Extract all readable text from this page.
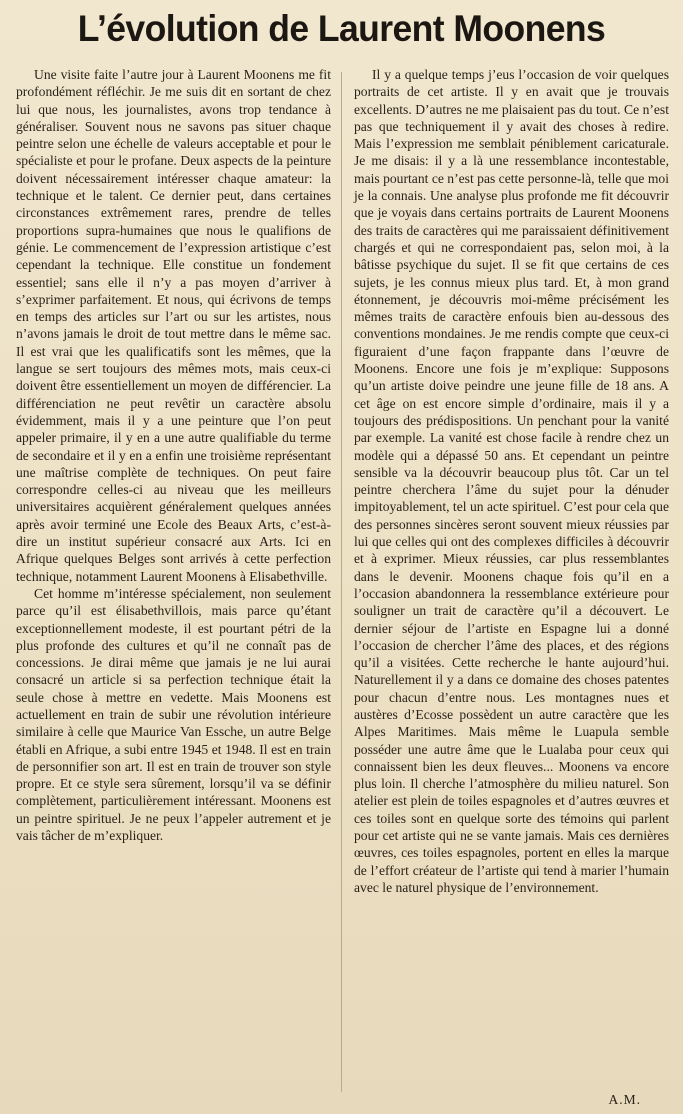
L’évolution de Laurent Moonens

Une visite faite l’autre jour à Laurent Moonens me fit profondément réfléchir. Je me suis dit en sortant de chez lui que nous, les journalistes, avons trop tendance à généraliser. Souvent nous ne savons pas situer chaque peintre selon une échelle de valeurs acceptable et pour le spécialiste et pour le profane. Deux aspects de la peinture doivent nécessairement intéresser chaque amateur: la technique et le talent. Ce dernier peut, dans certaines circonstances extrêmement rares, prendre de telles proportions supra-humaines que nous le qualifions de génie. Le commencement de l’expression artistique c’est cependant la technique. Elle constitue un fondement essentiel; sans elle il n’y a pas moyen d’arriver à s’exprimer parfaitement. Et nous, qui écrivons de temps en temps des articles sur l’art ou sur les artistes, nous n’avons jamais le droit de tout mettre dans le même sac. Il est vrai que les qualificatifs sont les mêmes, que la langue se sert toujours des mêmes mots, mais ceux-ci doivent être essentiellement un moyen de différencier. La différenciation ne peut revêtir un caractère absolu évidemment, mais il y a une peinture que l’on peut appeler primaire, il y en a une autre qualifiable du terme de secondaire et il y en a enfin une troisième représentant une maîtrise complète de techniques. On peut faire correspondre celles-ci au niveau que les meilleurs universitaires acquièrent généralement quelques années après avoir terminé une Ecole des Beaux Arts, c’est-à-dire un institut supérieur consacré aux Arts. Ici en Afrique quelques Belges sont arrivés à cette perfection technique, notamment Laurent Moonens à Elisabethville.

Cet homme m’intéresse spécialement, non seulement parce qu’il est élisabethvillois, mais parce qu’étant exceptionnellement modeste, il est pourtant pétri de la plus profonde des cultures et qu’il ne connaît pas de concessions. Je dirai même que jamais je ne lui aurai consacré un article si sa perfection technique était la seule chose à mettre en vedette. Mais Moonens est actuellement en train de subir une révolution intérieure similaire à celle que Maurice Van Essche, un autre Belge établi en Afrique, a subi entre 1945 et 1948. Il est en train de personnifier son art. Il est en train de trouver son style propre. Et ce style sera sûrement, lorsqu’il va se définir complètement, particulièrement intéressant. Moonens est un peintre spirituel. Je ne peux l’appeler autrement et je vais tâcher de m’expliquer.

Il y a quelque temps j’eus l’occasion de voir quelques portraits de cet artiste. Il y en avait que je trouvais excellents. D’autres ne me plaisaient pas du tout. Ce n’est pas que techniquement il y avait des choses à redire. Mais l’expression me semblait péniblement caricaturale. Je me disais: il y a là une ressemblance incontestable, mais pourtant ce n’est pas cette personne-là, telle que moi je la connais. Une analyse plus profonde me fit découvrir que je voyais dans certains portraits de Laurent Moonens des traits de caractères qui me paraissaient définitivement chargés et qui ne correspondaient pas, selon moi, à la bâtisse psychique du sujet. Il se fit que certains de ces sujets, je les connus mieux plus tard. Et, à mon grand étonnement, je découvris moi-même précisément les mêmes traits de caractère enfouis bien au-dessous des conventions mondaines. Je me rendis compte que ceux-ci figuraient d’une façon frappante dans l’œuvre de Moonens. Encore une fois je m’explique: Supposons qu’un artiste doive peindre une jeune fille de 18 ans. A cet âge on est encore simple d’ordinaire, mais il y a toujours des prédispositions. Un penchant pour la vanité par exemple. La vanité est chose facile à rendre chez un modèle qui a dépassé 50 ans. Et cependant un peintre sensible va la découvrir beaucoup plus tôt. Car un tel peintre cherchera l’âme du sujet pour la dénuder impitoyablement, tel un acte spirituel. C’est pour cela que des personnes sincères seront souvent mieux réussies par lui que celles qui ont des complexes difficiles à découvrir et à exprimer. Mieux réussies, car plus ressemblantes dans le devenir. Moonens chaque fois qu’il en a l’occasion abandonnera la ressemblance extérieure pour souligner un trait de caractère qu’il a découvert. Le dernier séjour de l’artiste en Espagne lui a donné l’occasion de chercher l’âme des places, et des régions qu’il a visitées. Cette recherche le hante aujourd’hui. Naturellement il y a dans ce domaine des choses patentes pour chacun d’entre nous. Les montagnes nues et austères d’Ecosse possèdent un autre caractère que les Alpes Maritimes. Mais même le Luapula semble posséder une autre âme que le Lualaba pour ceux qui connaissent bien les deux fleuves... Moonens va encore plus loin. Il cherche l’atmosphère du milieu naturel. Son atelier est plein de toiles espagnoles et d’autres œuvres et ces toiles sont en quelque sorte des témoins qui parlent pour cet artiste qui ne se vante jamais. Mais ces dernières œuvres, ces toiles espagnoles, portent en elles la marque de l’effort créateur de l’artiste qui tend à marier l’humain avec le naturel physique de l’environnement.

A.M.
